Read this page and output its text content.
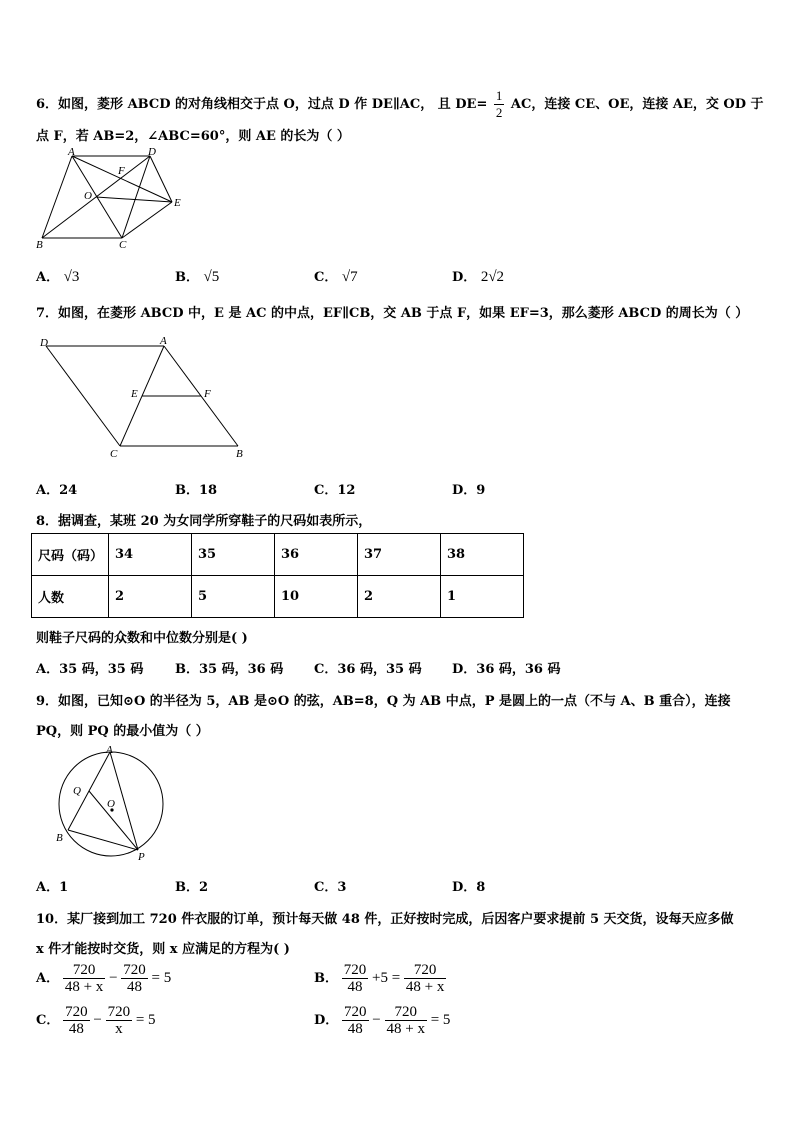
6．如图，菱形 ABCD 的对角线相交于点 O，过点 D 作 DE∥AC， 且 $DE= \frac{1}{2}$ AC，连接 CE、OE，连接 AE，交 OD 于
点 F，若 AB=2，∠ABC=60°，则 AE 的长为（ ）
A	D
F
O
E
B	C
A． √3	B． √5	C． √7	D． 2√2
7．如图，在菱形 ABCD 中，E 是 AC 的中点，EF∥CB，交 AB 于点 F，如果 EF=3，那么菱形 ABCD 的周长为（ ）
D	A
E	F
C	B
A．24	B．18	C．12	D．9
8．据调查，某班 20 为女同学所穿鞋子的尺码如表所示，
尺码（码）	34	35	36	37	38
人数	2	5	10	2	1
则鞋子尺码的众数和中位数分别是( )
A．35 码，35 码 B．35 码，36 码 C．36 码，35 码 D．36 码，36 码
9．如图，已知⊙O 的半径为 5，AB 是⊙O 的弦，AB=8，Q 为 AB 中点，P 是圆上的一点（不与 A、B 重合），连接
PQ，则 PQ 的最小值为（ ）
A
Q
O
B
P
A．1	B．2	C．3	D．8
10．某厂接到加工 720 件衣服的订单，预计每天做 48 件，正好按时完成，后因客户要求提前 5 天交货，设每天应多做
x 件才能按时交货，则 x 应满足的方程为( )
A． $\frac{720}{48 + x} - \frac{720}{48} = 5$	B． $\frac{720}{48} +5 = \frac{720}{48 + x}$
C． $\frac{720}{48} - \frac{720}{x} = 5$	D． $\frac{720}{48} - \frac{720}{48 + x} = 5$
